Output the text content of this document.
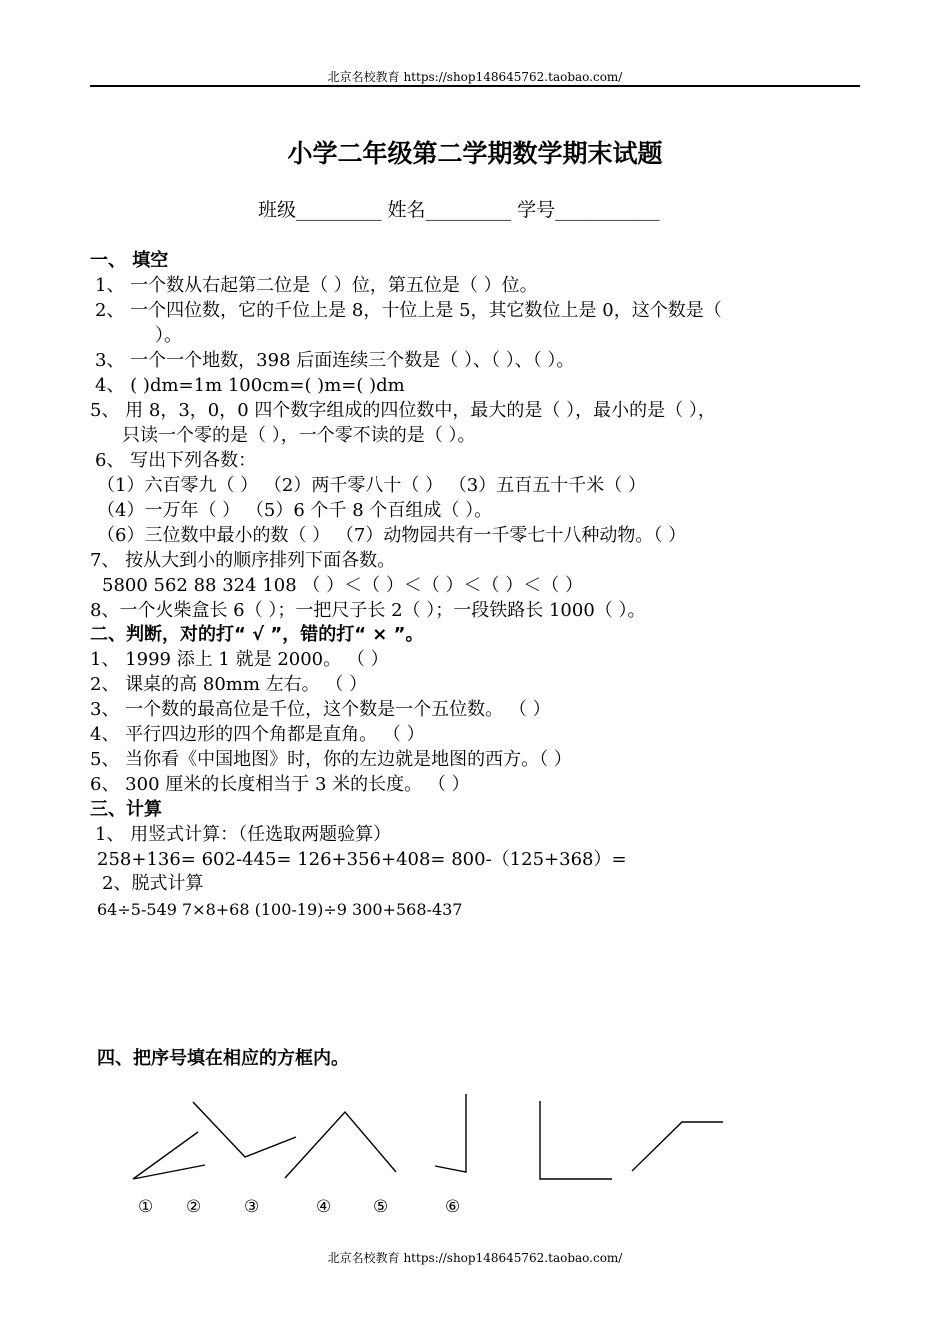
北京名校教育 https://shop148645762.taobao.com/
小学二年级第二学期数学期末试题
班级_________ 姓名_________ 学号___________
一、 填空
1、 一个数从右起第二位是（ ）位，第五位是（ ）位。
2、 一个四位数，它的千位上是 8，十位上是 5，其它数位上是 0，这个数是（
）。
3、 一个一个地数，398 后面连续三个数是（ ）、（ ）、（ ）。
4、 ( )dm=1m 100cm=( )m=( )dm
5、 用 8，3，0，0 四个数字组成的四位数中，最大的是（ ），最小的是（ ），
只读一个零的是（ ），一个零不读的是（ ）。
6、 写出下列各数：
（1）六百零九（ ） （2）两千零八十（ ） （3）五百五十千米（ ）
（4）一万年（ ） （5）6 个千 8 个百组成（ ）。
（6）三位数中最小的数（ ） （7）动物园共有一千零七十八种动物。（ ）
7、 按从大到小的顺序排列下面各数。
5800 562 88 324 108 （ ）＜（ ）＜（ ）＜（ ）＜（ ）
8、一个火柴盒长 6（ ）；一把尺子长 2（ ）；一段铁路长 1000（ ）。
二、判断，对的打“ √ ”，错的打“ × ”。
1、 1999 添上 1 就是 2000。 （ ）
2、 课桌的高 80mm 左右。 （ ）
3、 一个数的最高位是千位，这个数是一个五位数。 （ ）
4、 平行四边形的四个角都是直角。 （ ）
5、 当你看《中国地图》时，你的左边就是地图的西方。（ ）
6、 300 厘米的长度相当于 3 米的长度。 （ ）
三、计算
1、 用竖式计算：（任选取两题验算）
258+136= 602-445= 126+356+408= 800-（125+368）=
2、脱式计算
64÷5-549 7×8+68 (100-19)÷9 300+568-437
四、把序号填在相应的方框内。
① ②	③	④ ⑤	⑥
北京名校教育 https://shop148645762.taobao.com/
